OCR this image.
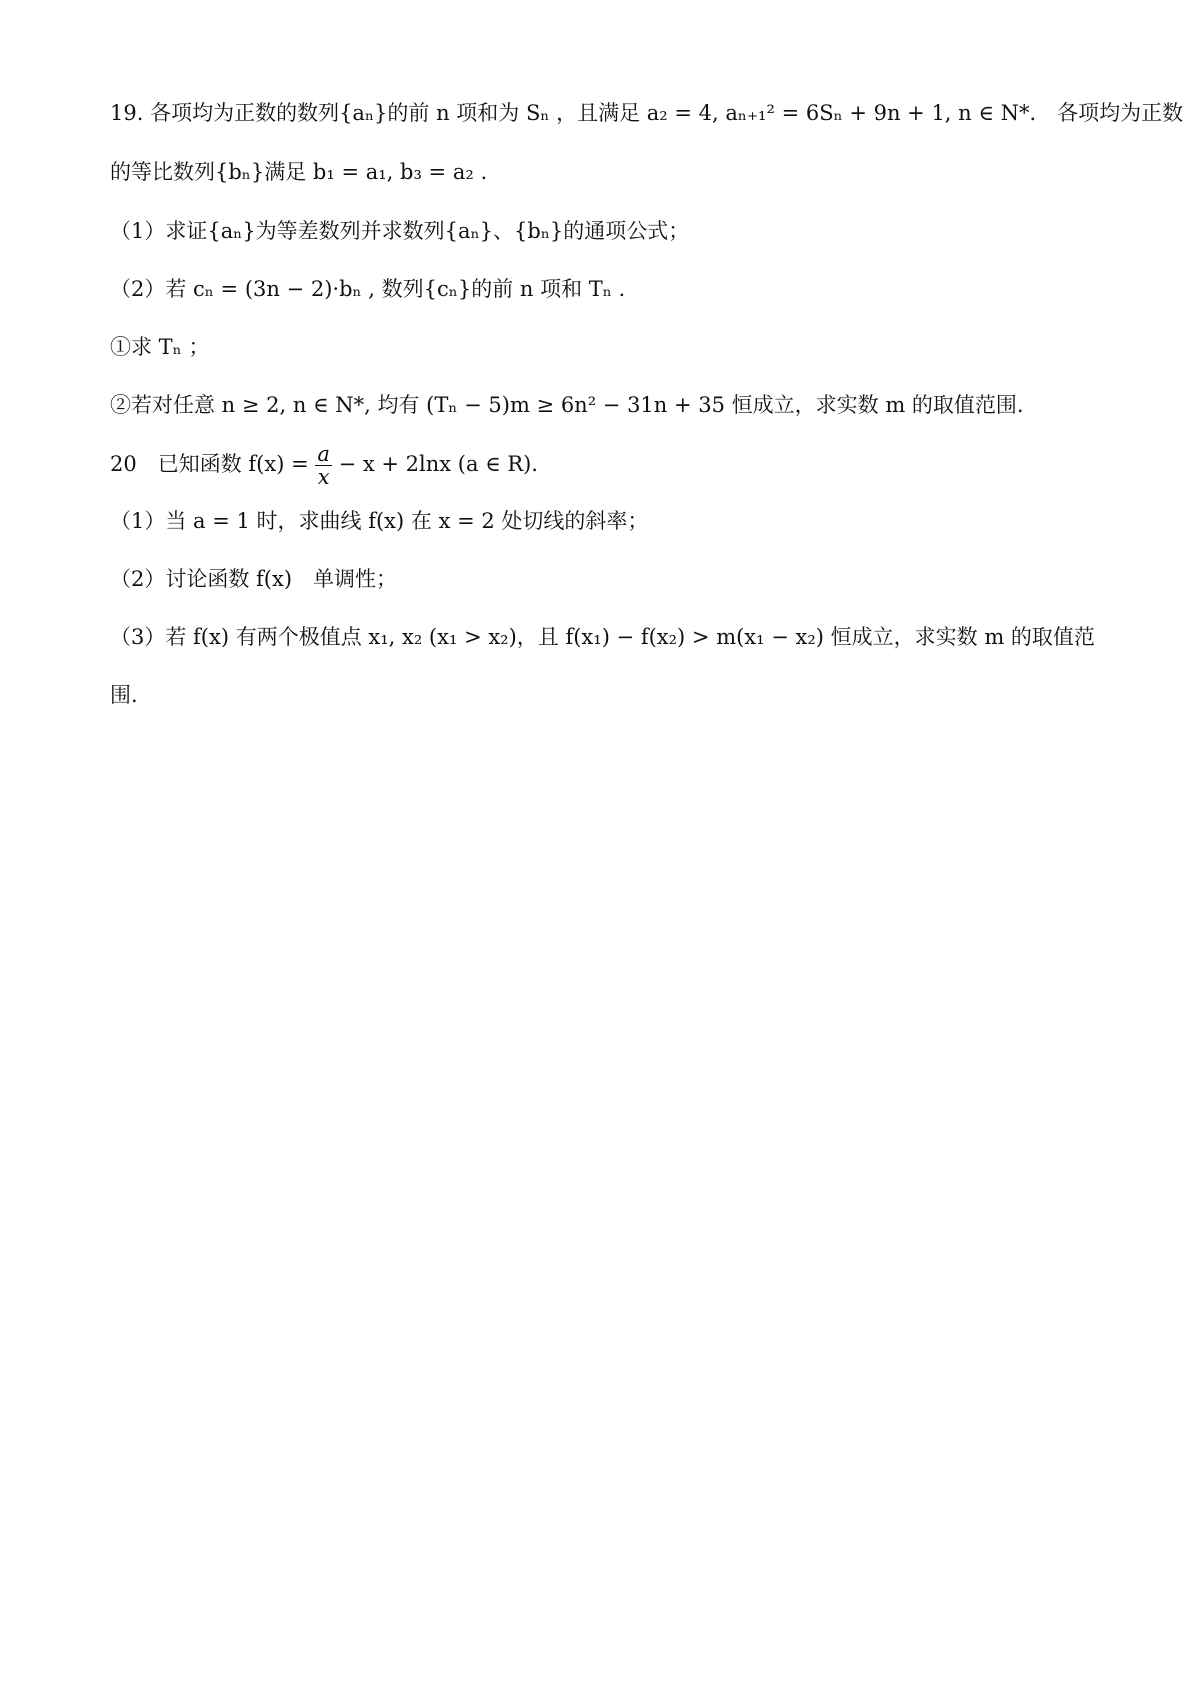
19. 各项均为正数的数列{aₙ}的前 n 项和为 Sₙ ，且满足 a₂ = 4, aₙ₊₁² = 6Sₙ + 9n + 1, n ∈ N*． 各项均为正数
的等比数列{bₙ}满足 b₁ = a₁, b₃ = a₂ .
（1）求证{aₙ}为等差数列并求数列{aₙ}、{bₙ}的通项公式；
（2）若 cₙ = (3n − 2)·bₙ , 数列{cₙ}的前 n 项和 Tₙ .
①求 Tₙ ；
②若对任意 n ≥ 2, n ∈ N*, 均有 (Tₙ − 5)m ≥ 6n² − 31n + 35 恒成立，求实数 m 的取值范围.
20　已知函数 $f(x) = \frac{a}{x} - x + 2\ln x$ (a ∈ R)．
（1）当 a = 1 时，求曲线 f(x) 在 x = 2 处切线的斜率；
（2）讨论函数 f(x)　单调性；
（3）若 f(x) 有两个极值点 x₁, x₂ (x₁ > x₂)，且 f(x₁) − f(x₂) > m(x₁ − x₂) 恒成立，求实数 m 的取值范
围.
